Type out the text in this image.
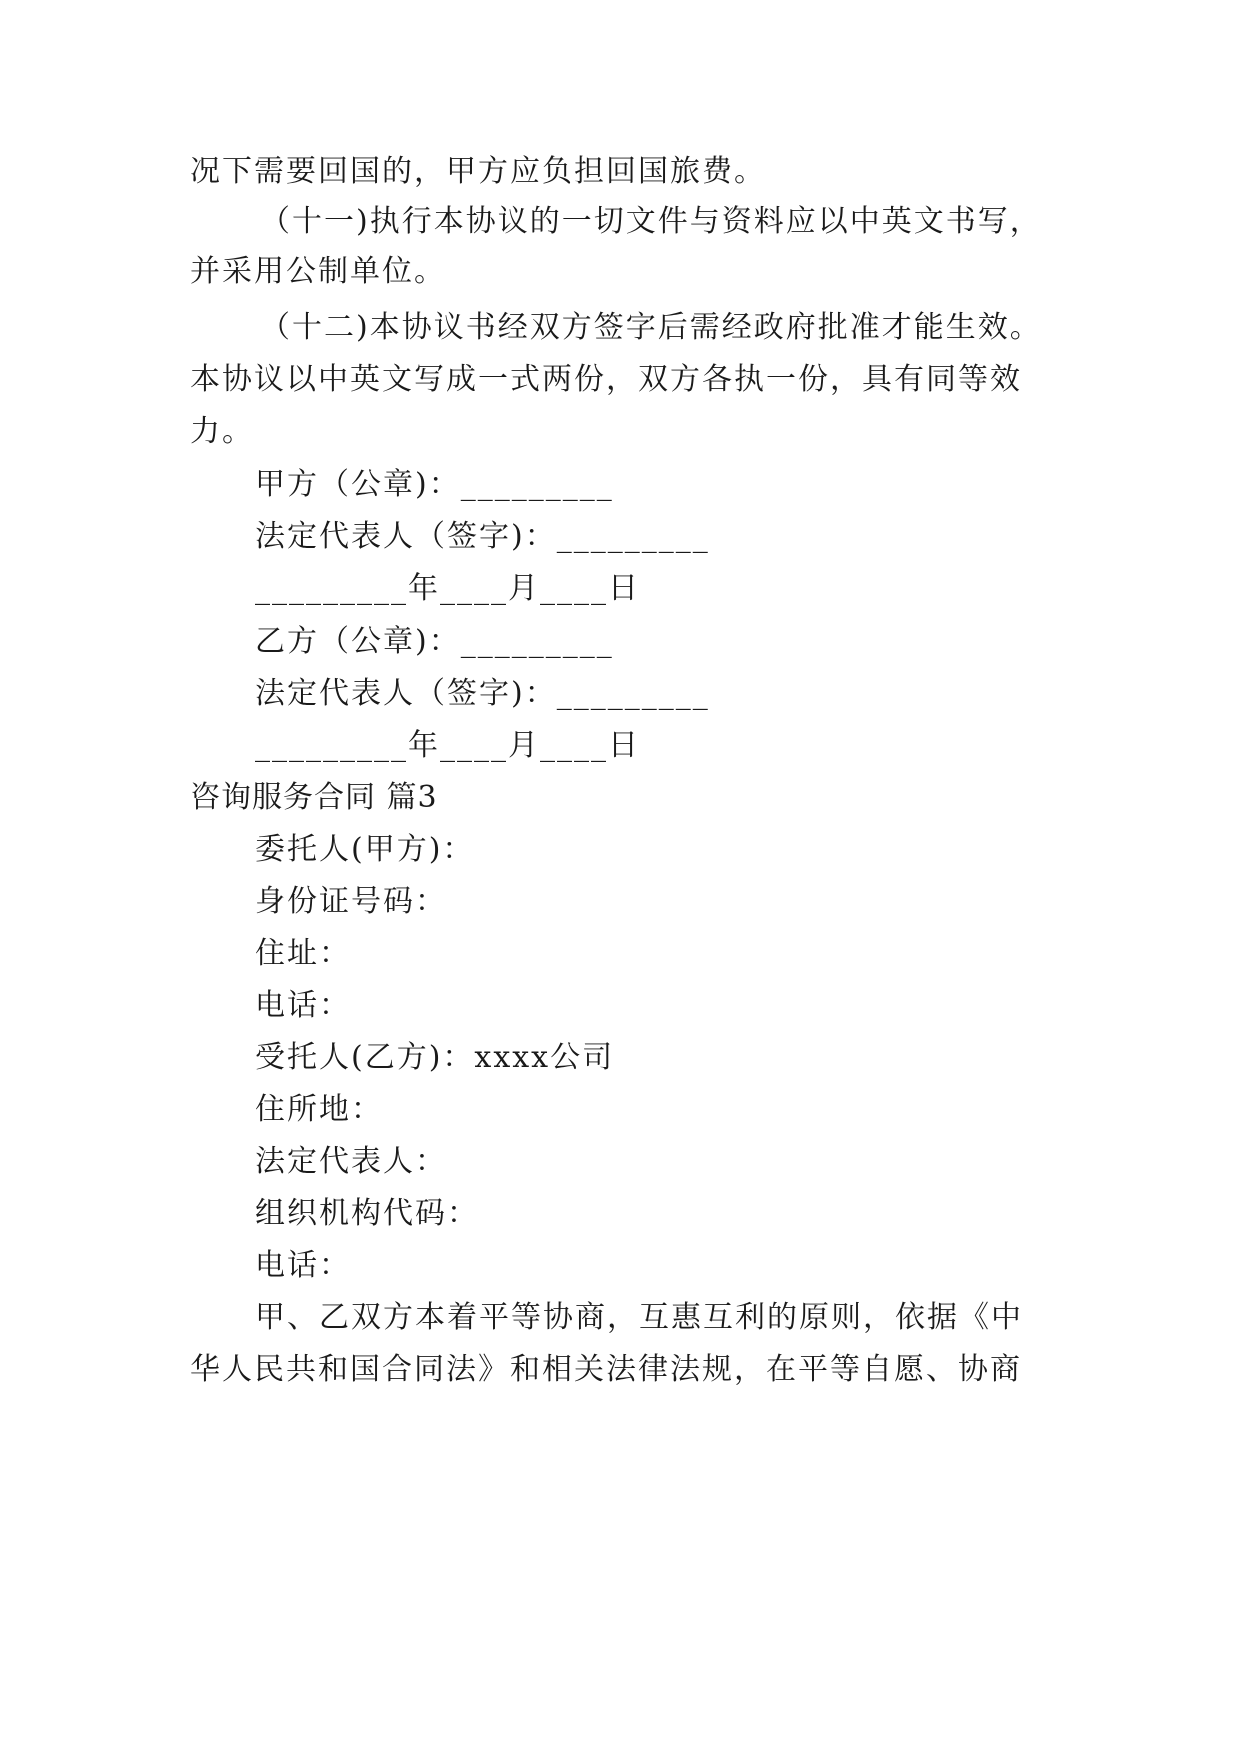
况下需要回国的，甲方应负担回国旅费。
（十一)执行本协议的一切文件与资料应以中英文书写，
并采用公制单位。
（十二)本协议书经双方签字后需经政府批准才能生效。
本协议以中英文写成一式两份，双方各执一份，具有同等效
力。
甲方（公章)：_________
法定代表人（签字)：_________
_________年____月____日
乙方（公章)：_________
法定代表人（签字)：_________
_________年____月____日
咨询服务合同 篇3
委托人(甲方)：
身份证号码：
住址：
电话：
受托人(乙方)：xxxx公司
住所地：
法定代表人：
组织机构代码：
电话：
甲、乙双方本着平等协商，互惠互利的原则，依据《中
华人民共和国合同法》和相关法律法规，在平等自愿、协商
